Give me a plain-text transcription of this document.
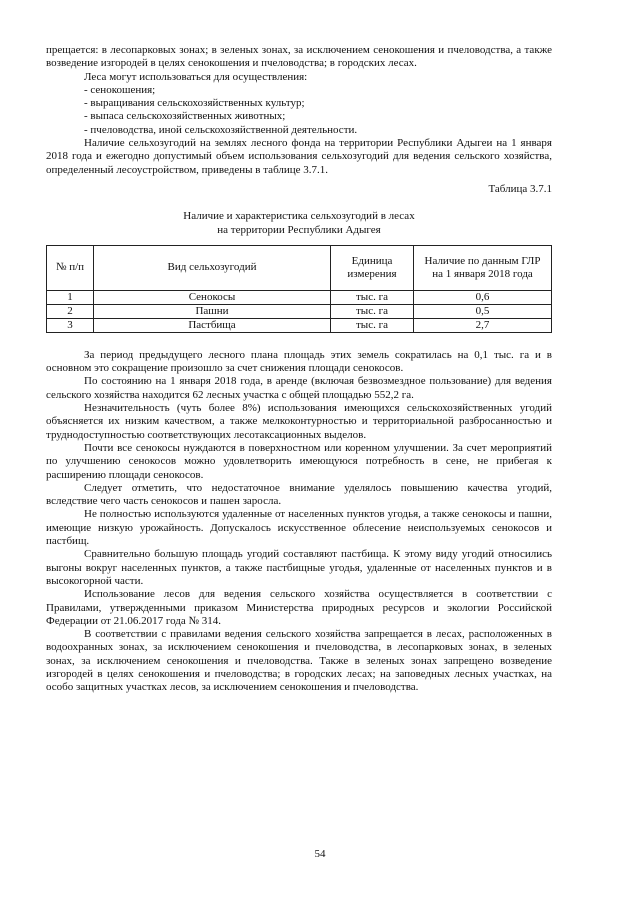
прещается: в лесопарковых зонах; в зеленых зонах, за исключением сенокошения и пчеловодства, а также возведение изгородей в целях сенокошения и пчеловодства; в городских лесах.

Леса могут использоваться для осуществления:

- сенокошения;
- выращивания сельскохозяйственных культур;
- выпаса сельскохозяйственных животных;
- пчеловодства, иной сельскохозяйственной деятельности.

Наличие сельхозугодий на землях лесного фонда на территории Республики Адыгеи на 1 января 2018 года и ежегодно допустимый объем использования сельхозугодий для ведения сельского хозяйства, определенный лесоустройством, приведены в таблице 3.7.1.

Таблица 3.7.1
Наличие и характеристика сельхозугодий в лесах
на территории Республики Адыгея
№ п/п	Вид сельхозугодий	Единица измерения	Наличие по данным ГЛР на 1 января 2018 года
1	Сенокосы	тыс. га	0,6
2	Пашни	тыс. га	0,5
3	Пастбища	тыс. га	2,7

За период предыдущего лесного плана площадь этих земель сократилась на 0,1 тыс. га и в основном это сокращение произошло за счет снижения площади сенокосов.

По состоянию на 1 января 2018 года, в аренде (включая безвозмездное пользование) для ведения сельского хозяйства находится 62 лесных участка с общей площадью 552,2 га.

Незначительность (чуть более 8%) использования имеющихся сельскохозяйственных угодий объясняется их низким качеством, а также мелкоконтурностью и территориальной разбросанностью и труднодоступностью соответствующих лесотаксационных выделов.

Почти все сенокосы нуждаются в поверхностном или коренном улучшении. За счет мероприятий по улучшению сенокосов можно удовлетворить имеющуюся потребность в сене, не прибегая к расширению площади сенокосов.

Следует отметить, что недостаточное внимание уделялось повышению качества угодий, вследствие чего часть сенокосов и пашен заросла.

Не полностью используются удаленные от населенных пунктов угодья, а также сенокосы и пашни, имеющие низкую урожайность. Допускалось искусственное облесение неиспользуемых сенокосов и пастбищ.

Сравнительно большую площадь угодий составляют пастбища. К этому виду угодий относились выгоны вокруг населенных пунктов, а также пастбищные угодья, удаленные от населенных пунктов и в высокогорной части.

Использование лесов для ведения сельского хозяйства осуществляется в соответствии с Правилами, утвержденными приказом Министерства природных ресурсов и экологии Российской Федерации от 21.06.2017 года № 314.

В соответствии с правилами ведения сельского хозяйства запрещается в лесах, расположенных в водоохранных зонах, за исключением сенокошения и пчеловодства, в лесопарковых зонах, в зеленых зонах, за исключением сенокошения и пчеловодства. Также в зеленых зонах запрещено возведение изгородей в целях сенокошения и пчеловодства; в городских лесах; на заповедных лесных участках, на особо защитных участках лесов, за исключением сенокошения и пчеловодства.

54
